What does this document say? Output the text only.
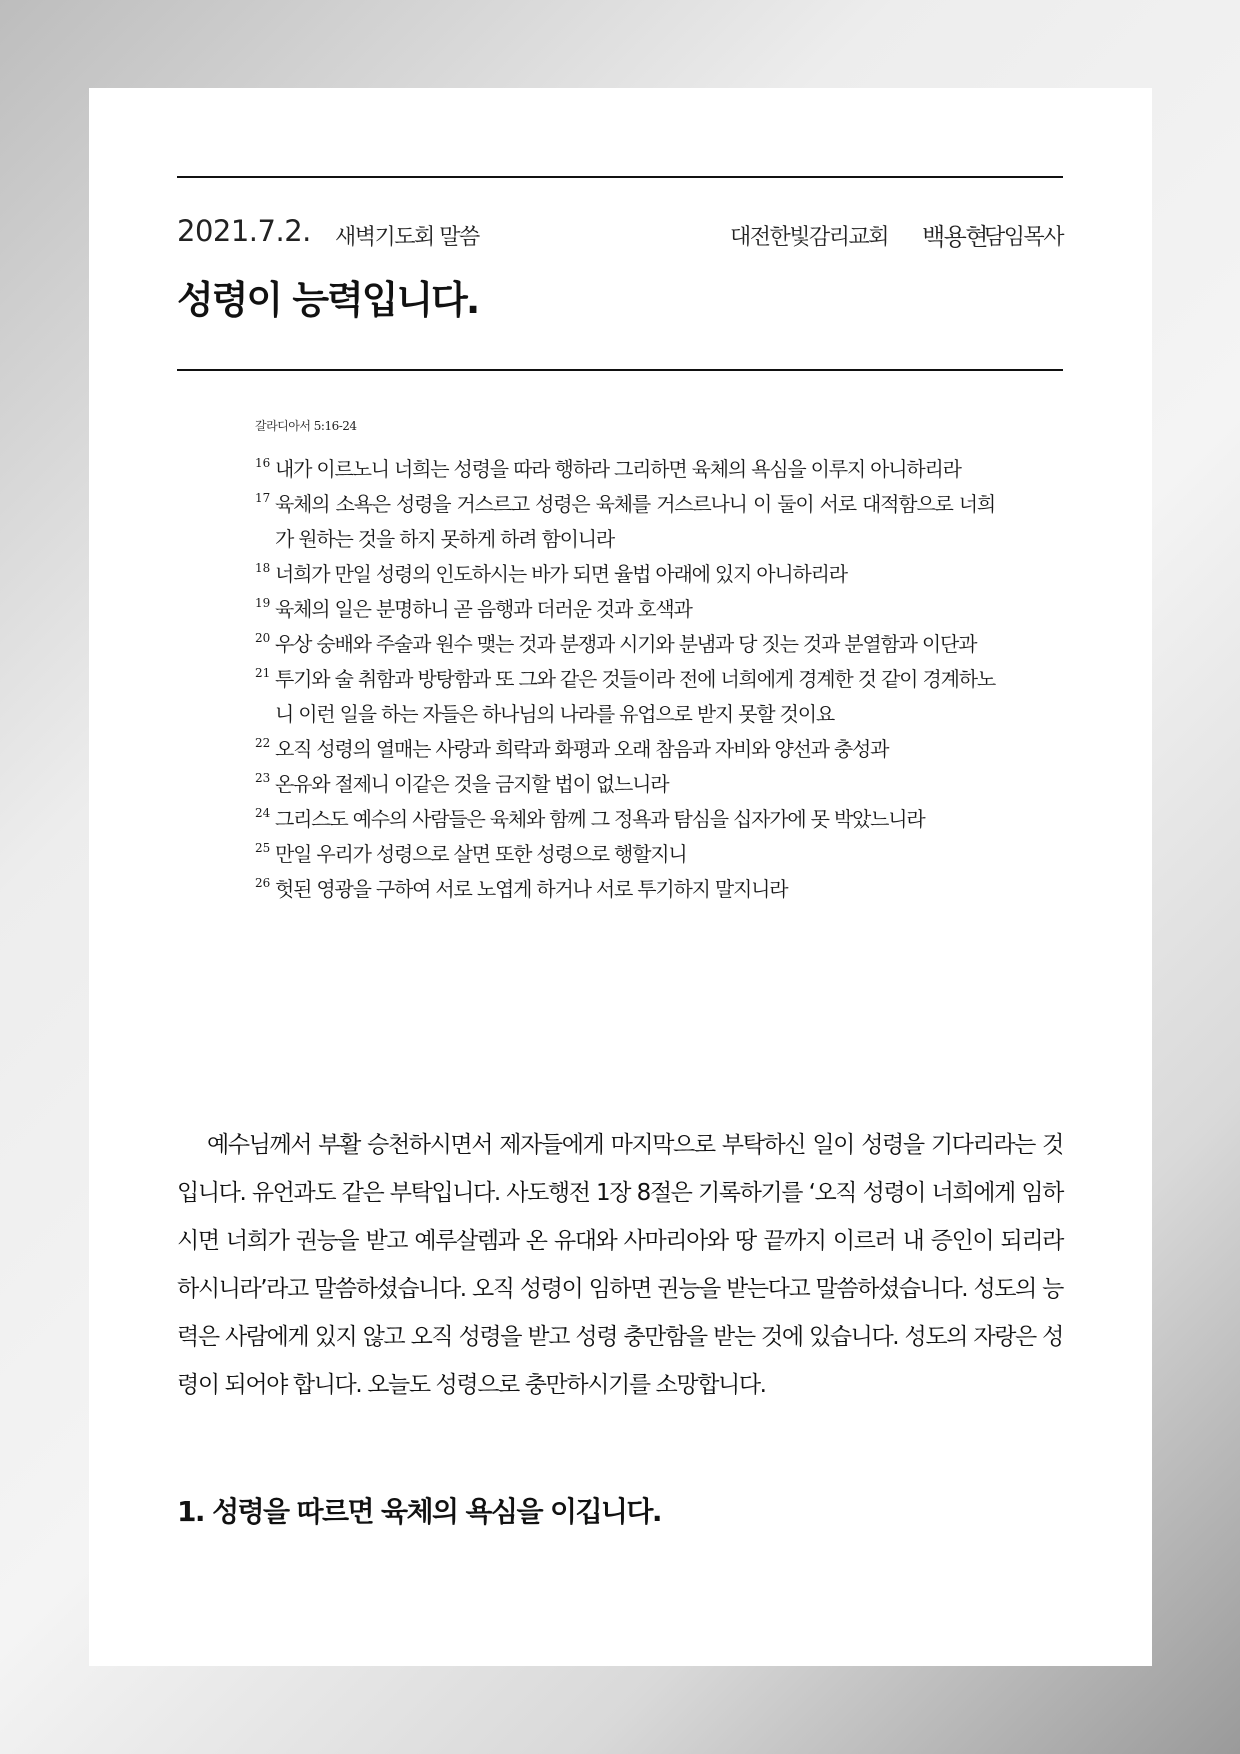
2021.7.2. 새벽기도회 말씀	대전한빛감리교회 백용현
담임목사
성령이 능력입니다.
갈라디아서 5:16-24
16 내가 이르노니 너희는 성령을 따라 행하라 그리하면 육체의 욕심을 이루지 아니하리라
17 육체의 소욕은 성령을 거스르고 성령은 육체를 거스르나니 이 둘이 서로 대적함으로 너희가 원하는 것을 하지 못하게 하려 함이니라
18 너희가 만일 성령의 인도하시는 바가 되면 율법 아래에 있지 아니하리라
19 육체의 일은 분명하니 곧 음행과 더러운 것과 호색과
20 우상 숭배와 주술과 원수 맺는 것과 분쟁과 시기와 분냄과 당 짓는 것과 분열함과 이단과
21 투기와 술 취함과 방탕함과 또 그와 같은 것들이라 전에 너희에게 경계한 것 같이 경계하노니 이런 일을 하는 자들은 하나님의 나라를 유업으로 받지 못할 것이요
22 오직 성령의 열매는 사랑과 희락과 화평과 오래 참음과 자비와 양선과 충성과
23 온유와 절제니 이같은 것을 금지할 법이 없느니라
24 그리스도 예수의 사람들은 육체와 함께 그 정욕과 탐심을 십자가에 못 박았느니라
25 만일 우리가 성령으로 살면 또한 성령으로 행할지니
26 헛된 영광을 구하여 서로 노엽게 하거나 서로 투기하지 말지니라

예수님께서 부활 승천하시면서 제자들에게 마지막으로 부탁하신 일이 성령을 기다리라는 것입니다. 유언과도 같은 부탁입니다. 사도행전 1장 8절은 기록하기를 ‘오직 성령이 너희에게 임하시면 너희가 권능을 받고 예루살렘과 온 유대와 사마리아와 땅 끝까지 이르러 내 증인이 되리라 하시니라’라고 말씀하셨습니다. 오직 성령이 임하면 권능을 받는다고 말씀하셨습니다. 성도의 능력은 사람에게 있지 않고 오직 성령을 받고 성령 충만함을 받는 것에 있습니다. 성도의 자랑은 성령이 되어야 합니다. 오늘도 성령으로 충만하시기를 소망합니다.

1. 성령을 따르면 육체의 욕심을 이깁니다.
